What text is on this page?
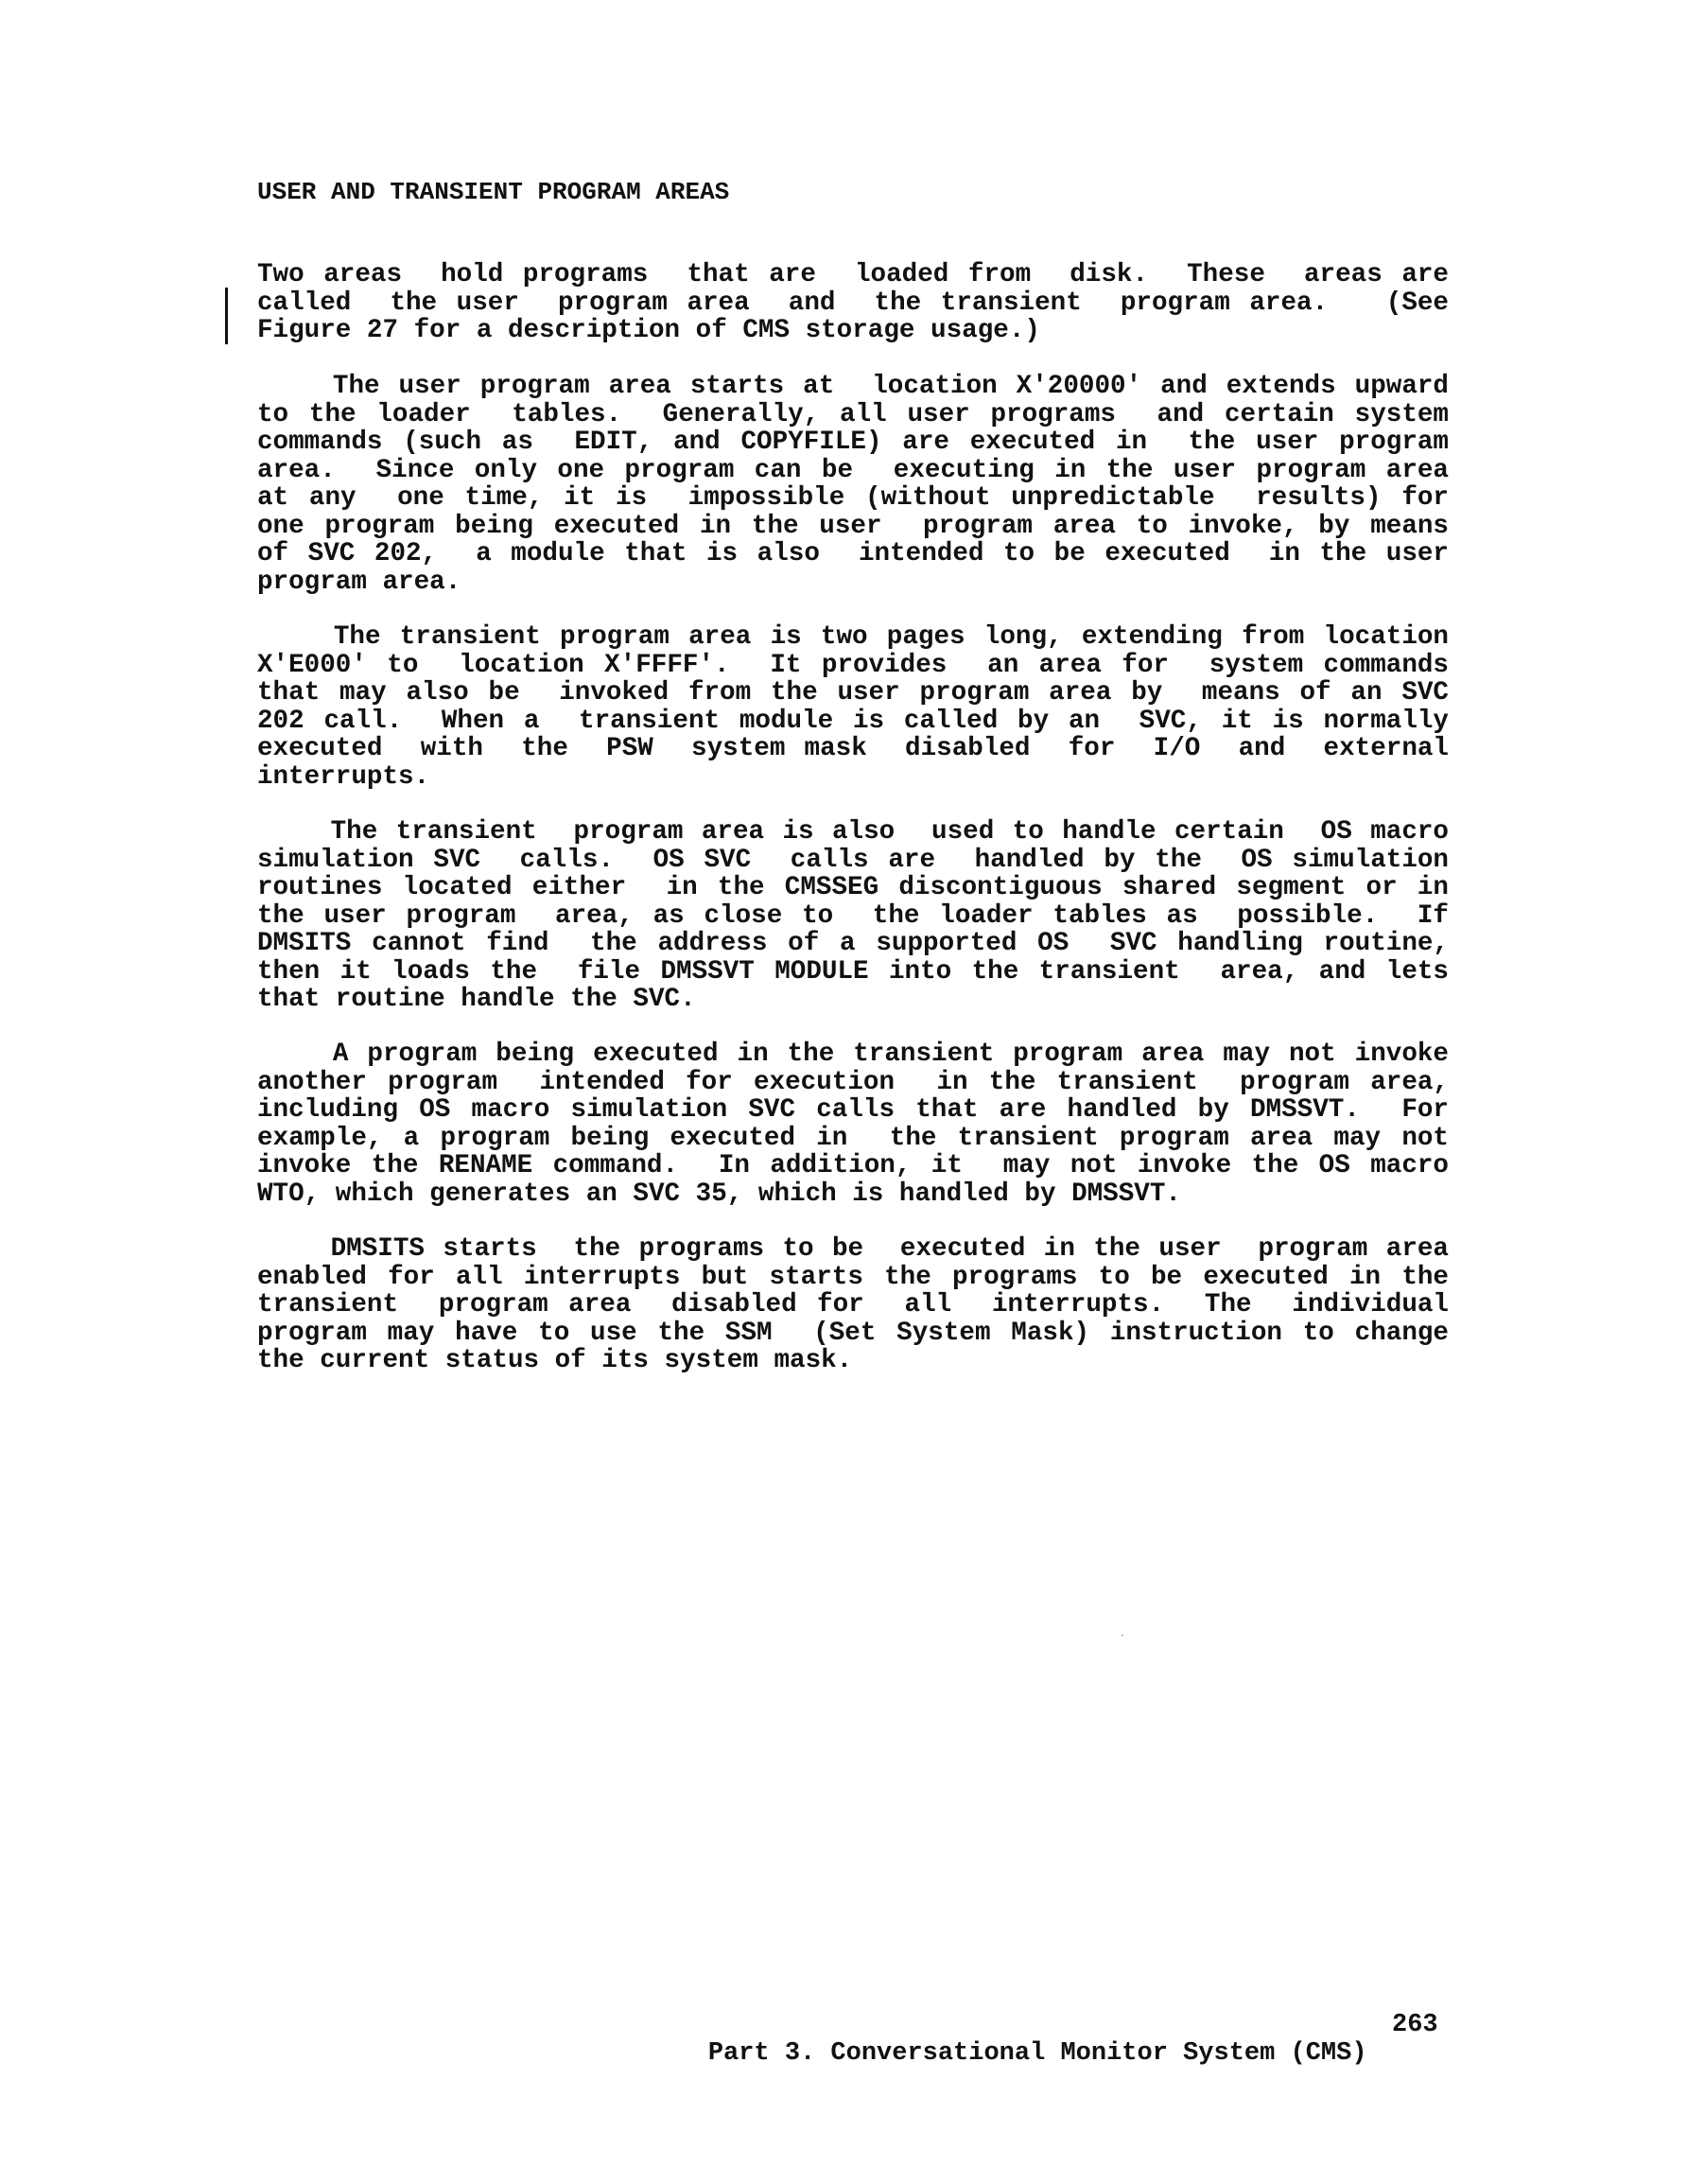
USER AND TRANSIENT PROGRAM AREAS
Two areas  hold programs  that are  loaded from  disk.  These  areas are
called  the user  program area  and  the transient  program area.   (See
Figure 27 for a description of CMS storage usage.)
The user program area starts at  location X'20000' and extends upward
to the loader  tables.  Generally, all user programs  and certain system
commands (such as  EDIT, and COPYFILE) are executed in  the user program
area.  Since only one program can be  executing in the user program area
at any  one time, it is  impossible (without unpredictable  results) for
one program being executed in the user  program area to invoke, by means
of SVC 202,  a module that is also  intended to be executed  in the user
program area.
The transient program area is two pages long, extending from location
X'E000' to  location X'FFFF'.  It provides  an area for  system commands
that may also be  invoked from the user program area by  means of an SVC
202 call.  When a  transient module is called by an  SVC, it is normally
executed  with  the  PSW  system mask  disabled  for  I/O  and  external
interrupts.
The transient  program area is also  used to handle certain  OS macro
simulation SVC  calls.  OS SVC  calls are  handled by the  OS simulation
routines located either  in the CMSSEG discontiguous shared segment or in
the user program  area, as close to  the loader tables as  possible.  If
DMSITS cannot find  the address of a supported OS  SVC handling routine,
then it loads the  file DMSSVT MODULE into the transient  area, and lets
that routine handle the SVC.
A program being executed in the transient program area may not invoke
another program  intended for execution  in the transient  program area,
including OS macro simulation SVC calls that are handled by DMSSVT.  For
example, a program being executed in  the transient program area may not
invoke the RENAME command.  In addition, it  may not invoke the OS macro
WTO, which generates an SVC 35, which is handled by DMSSVT.
DMSITS starts  the programs to be  executed in the user  program area
enabled for all interrupts but starts the programs to be executed in the
transient  program area  disabled for  all  interrupts.  The  individual
program may have to use the SSM  (Set System Mask) instruction to change
the current status of its system mask.

Part 3. Conversational Monitor System (CMS)

263
